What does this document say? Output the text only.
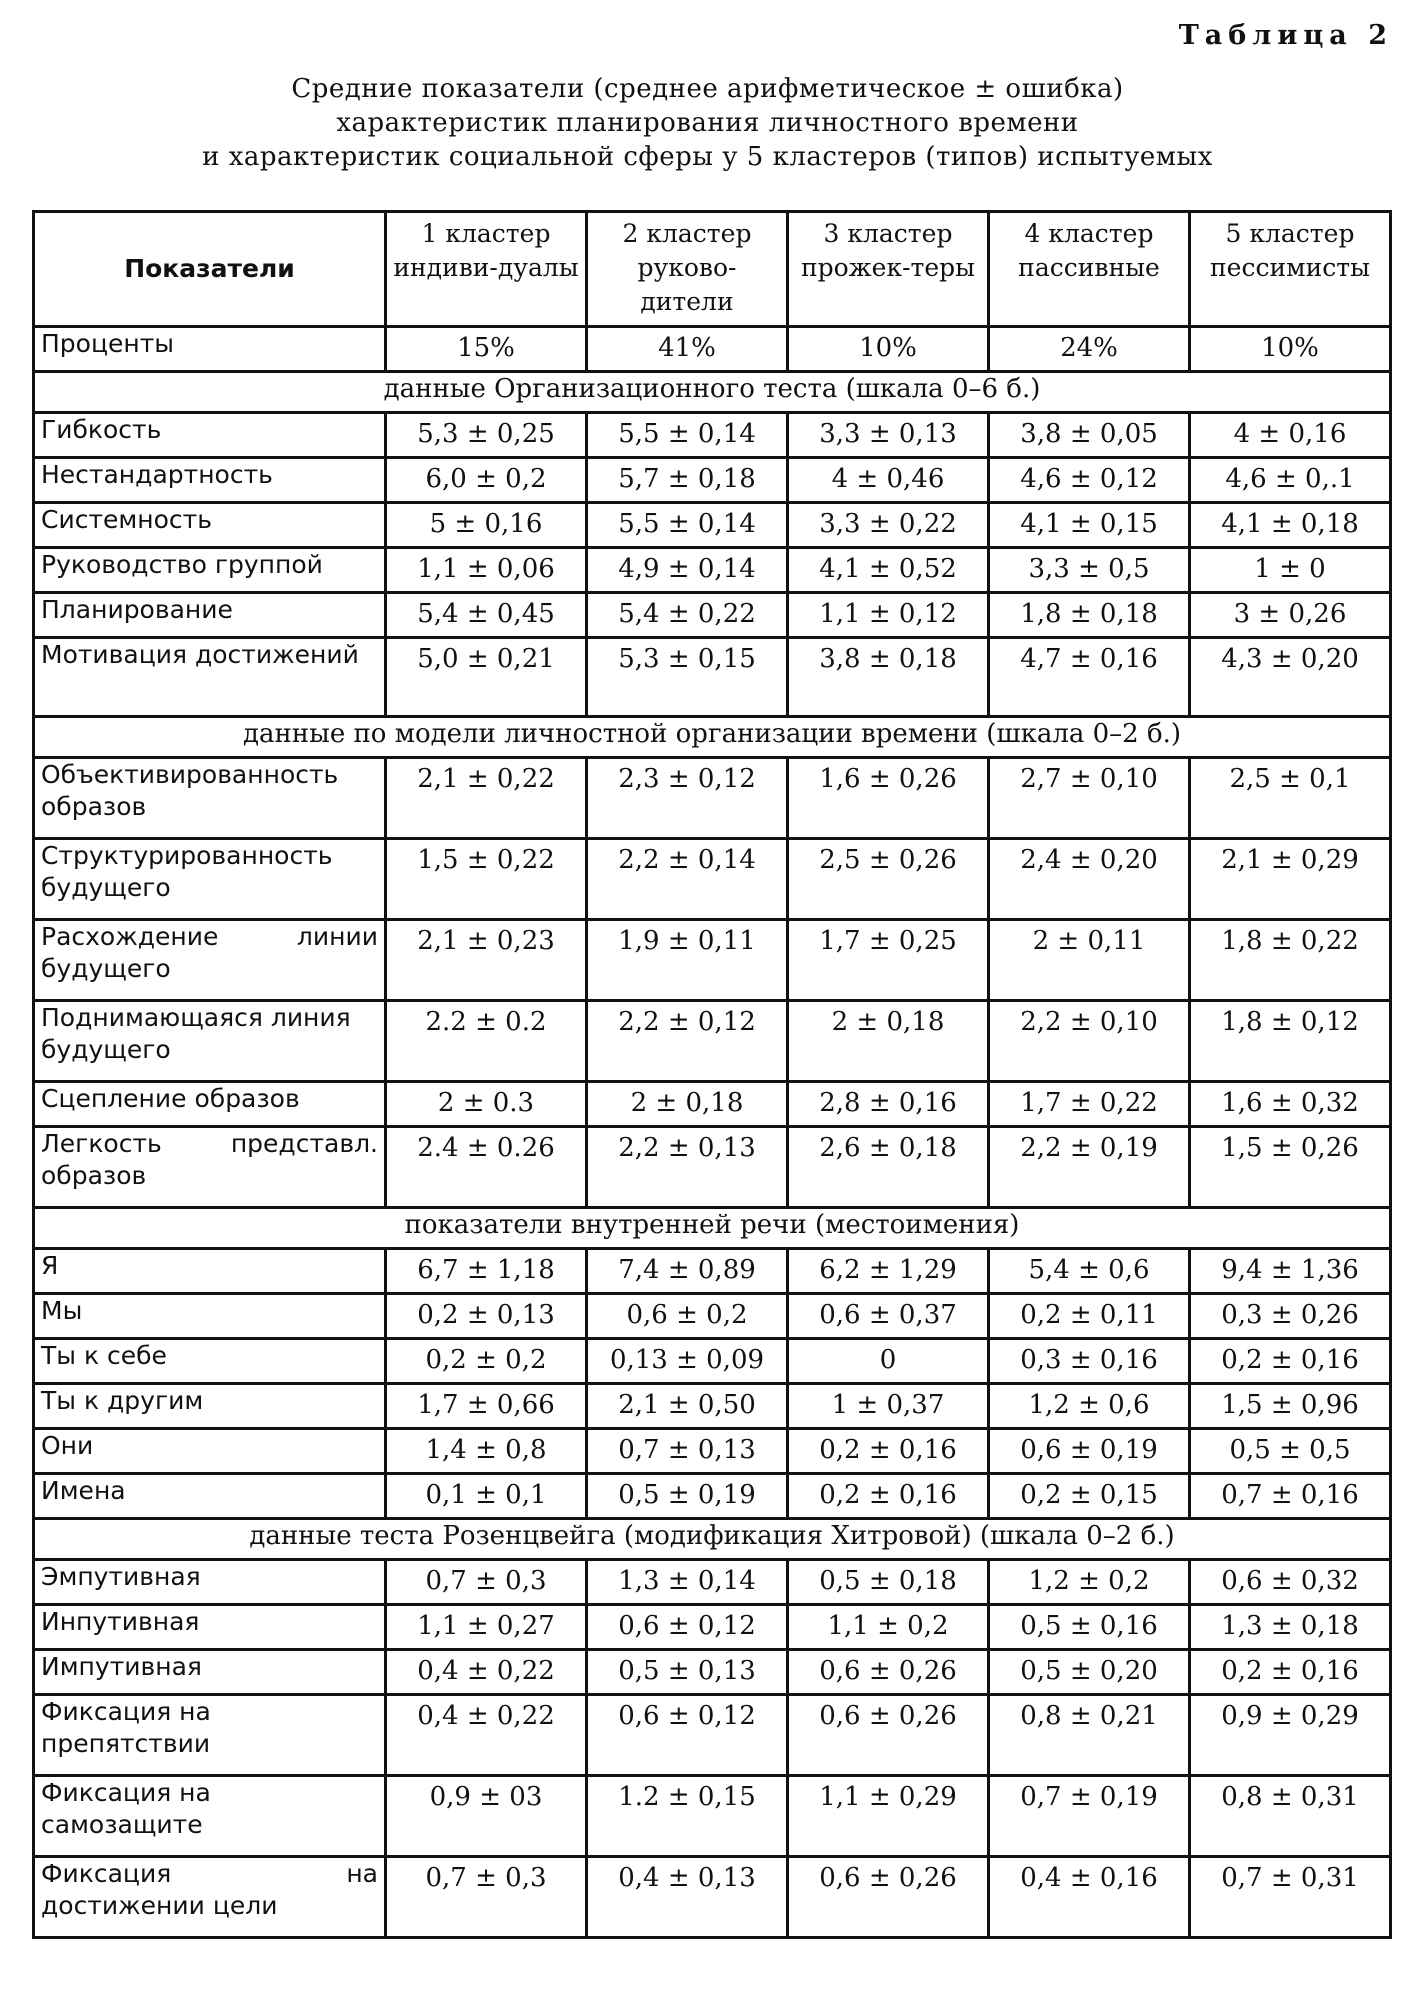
Таблица 2
Средние показатели (среднее арифметическое ± ошибка)
характеристик планирования личностного времени
и характеристик социальной сферы у 5 кластеров (типов) испытуемых
Показатели	1 кластер индиви-дуалы	2 кластер руково-дители	3 кластер прожек-теры	4 кластер пассивные	5 кластер пессимисты
Проценты	15%	41%	10%	24%	10%
данные Организационного теста (шкала 0–6 б.)					
Гибкость	5,3 ± 0,25	5,5 ± 0,14	3,3 ± 0,13	3,8 ± 0,05	4 ± 0,16
Нестандартность	6,0 ± 0,2	5,7 ± 0,18	4 ± 0,46	4,6 ± 0,12	4,6 ± 0,.1
Системность	5 ± 0,16	5,5 ± 0,14	3,3 ± 0,22	4,1 ± 0,15	4,1 ± 0,18
Руководство группой	1,1 ± 0,06	4,9 ± 0,14	4,1 ± 0,52	3,3 ± 0,5	1 ± 0
Планирование	5,4 ± 0,45	5,4 ± 0,22	1,1 ± 0,12	1,8 ± 0,18	3 ± 0,26
Мотивация достижений	5,0 ± 0,21	5,3 ± 0,15	3,8 ± 0,18	4,7 ± 0,16	4,3 ± 0,20
данные по модели личностной организации времени (шкала 0–2 б.)					
Объективированность образов	2,1 ± 0,22	2,3 ± 0,12	1,6 ± 0,26	2,7 ± 0,10	2,5 ± 0,1
Структурированность будущего	1,5 ± 0,22	2,2 ± 0,14	2,5 ± 0,26	2,4 ± 0,20	2,1 ± 0,29
Расхождение линии будущего	2,1 ± 0,23	1,9 ± 0,11	1,7 ± 0,25	2 ± 0,11	1,8 ± 0,22
Поднимающаяся линия будущего	2.2 ± 0.2	2,2 ± 0,12	2 ± 0,18	2,2 ± 0,10	1,8 ± 0,12
Сцепление образов	2 ± 0.3	2 ± 0,18	2,8 ± 0,16	1,7 ± 0,22	1,6 ± 0,32
Легкость представл. образов	2.4 ± 0.26	2,2 ± 0,13	2,6 ± 0,18	2,2 ± 0,19	1,5 ± 0,26
показатели внутренней речи (местоимения)					
Я	6,7 ± 1,18	7,4 ± 0,89	6,2 ± 1,29	5,4 ± 0,6	9,4 ± 1,36
Мы	0,2 ± 0,13	0,6 ± 0,2	0,6 ± 0,37	0,2 ± 0,11	0,3 ± 0,26
Ты к себе	0,2 ± 0,2	0,13 ± 0,09	0	0,3 ± 0,16	0,2 ± 0,16
Ты к другим	1,7 ± 0,66	2,1 ± 0,50	1 ± 0,37	1,2 ± 0,6	1,5 ± 0,96
Они	1,4 ± 0,8	0,7 ± 0,13	0,2 ± 0,16	0,6 ± 0,19	0,5 ± 0,5
Имена	0,1 ± 0,1	0,5 ± 0,19	0,2 ± 0,16	0,2 ± 0,15	0,7 ± 0,16
данные теста Розенцвейга (модификация Хитровой) (шкала 0–2 б.)					
Эмпутивная	0,7 ± 0,3	1,3 ± 0,14	0,5 ± 0,18	1,2 ± 0,2	0,6 ± 0,32
Инпутивная	1,1 ± 0,27	0,6 ± 0,12	1,1 ± 0,2	0,5 ± 0,16	1,3 ± 0,18
Импутивная	0,4 ± 0,22	0,5 ± 0,13	0,6 ± 0,26	0,5 ± 0,20	0,2 ± 0,16
Фиксация на препятствии	0,4 ± 0,22	0,6 ± 0,12	0,6 ± 0,26	0,8 ± 0,21	0,9 ± 0,29
Фиксация на самозащите	0,9 ± 03	1.2 ± 0,15	1,1 ± 0,29	0,7 ± 0,19	0,8 ± 0,31
Фиксация на достижении цели	0,7 ± 0,3	0,4 ± 0,13	0,6 ± 0,26	0,4 ± 0,16	0,7 ± 0,31
